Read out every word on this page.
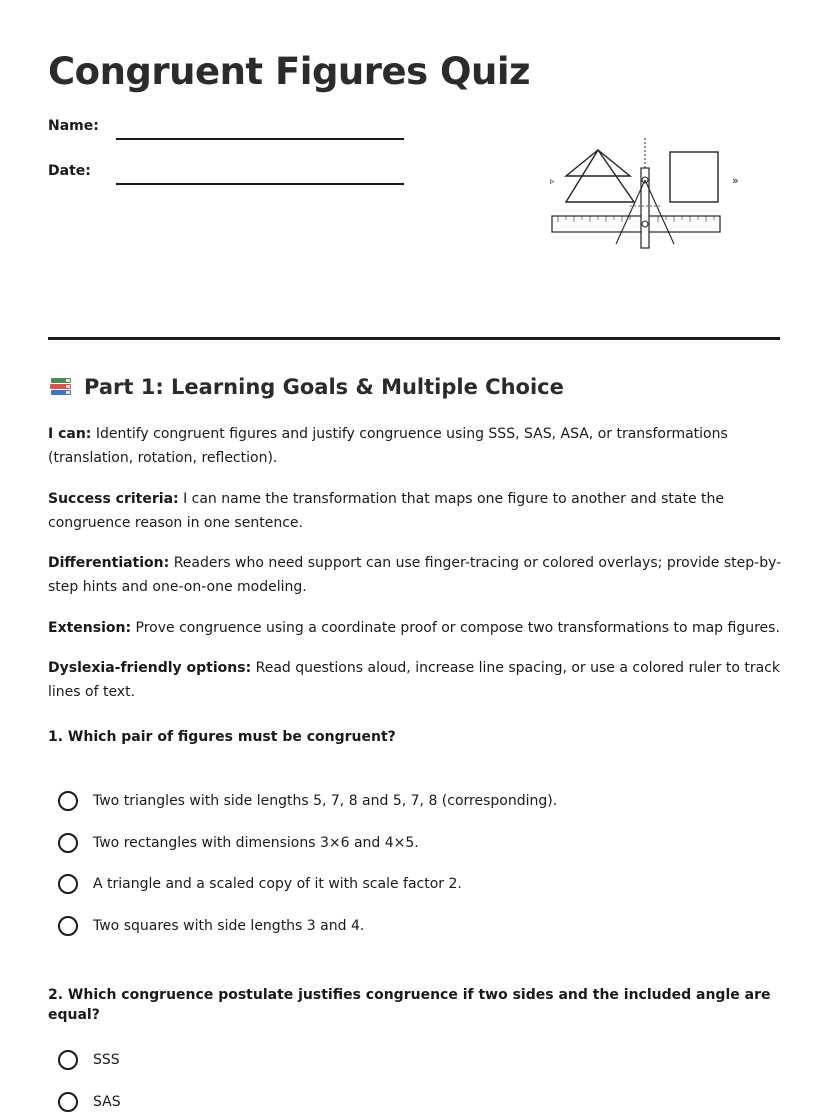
Congruent Figures Quiz
Name:
Date:
▹	»
Part 1: Learning Goals & Multiple Choice

I can: Identify congruent figures and justify congruence using SSS, SAS, ASA, or transformations (translation, rotation, reflection).

Success criteria: I can name the transformation that maps one figure to another and state the congruence reason in one sentence.

Differentiation: Readers who need support can use finger-tracing or colored overlays; provide step-by-step hints and one-on-one modeling.

Extension: Prove congruence using a coordinate proof or compose two transformations to map figures.

Dyslexia-friendly options: Read questions aloud, increase line spacing, or use a colored ruler to track lines of text.

1. Which pair of figures must be congruent?

Two triangles with side lengths 5, 7, 8 and 5, 7, 8 (corresponding).
Two rectangles with dimensions 3×6 and 4×5.
A triangle and a scaled copy of it with scale factor 2.
Two squares with side lengths 3 and 4.

2. Which congruence postulate justifies congruence if two sides and the included angle are equal?

SSS
SAS
